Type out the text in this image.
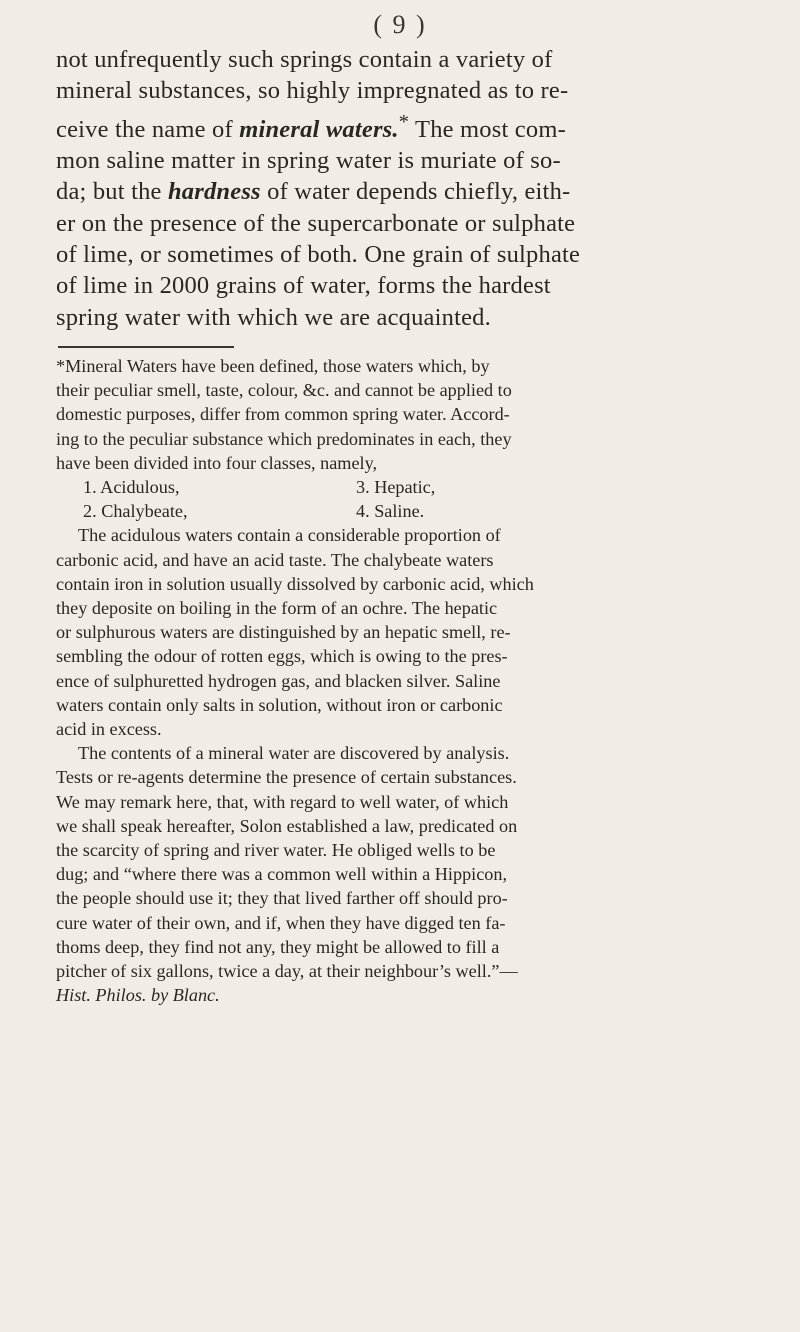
( 9 )
not unfrequently such springs contain a variety of
mineral substances, so highly impregnated as to re-
ceive the name of mineral waters.* The most com-
mon saline matter in spring water is muriate of so-
da; but the hardness of water depends chiefly, eith-
er on the presence of the supercarbonate or sulphate
of lime, or sometimes of both. One grain of sulphate
of lime in 2000 grains of water, forms the hardest
spring water with which we are acquainted.
*Mineral Waters have been defined, those waters which, by
their peculiar smell, taste, colour, &c. and cannot be applied to
domestic purposes, differ from common spring water. Accord-
ing to the peculiar substance which predominates in each, they
have been divided into four classes, namely,
1. Acidulous,	3. Hepatic,
2. Chalybeate,	4. Saline.
The acidulous waters contain a considerable proportion of
carbonic acid, and have an acid taste. The chalybeate waters
contain iron in solution usually dissolved by carbonic acid, which
they deposite on boiling in the form of an ochre. The hepatic
or sulphurous waters are distinguished by an hepatic smell, re-
sembling the odour of rotten eggs, which is owing to the pres-
ence of sulphuretted hydrogen gas, and blacken silver. Saline
waters contain only salts in solution, without iron or carbonic
acid in excess.
The contents of a mineral water are discovered by analysis.
Tests or re-agents determine the presence of certain substances.
We may remark here, that, with regard to well water, of which
we shall speak hereafter, Solon established a law, predicated on
the scarcity of spring and river water. He obliged wells to be
dug; and “where there was a common well within a Hippicon,
the people should use it; they that lived farther off should pro-
cure water of their own, and if, when they have digged ten fa-
thoms deep, they find not any, they might be allowed to fill a
pitcher of six gallons, twice a day, at their neighbour’s well.”—
Hist. Philos. by Blanc.
